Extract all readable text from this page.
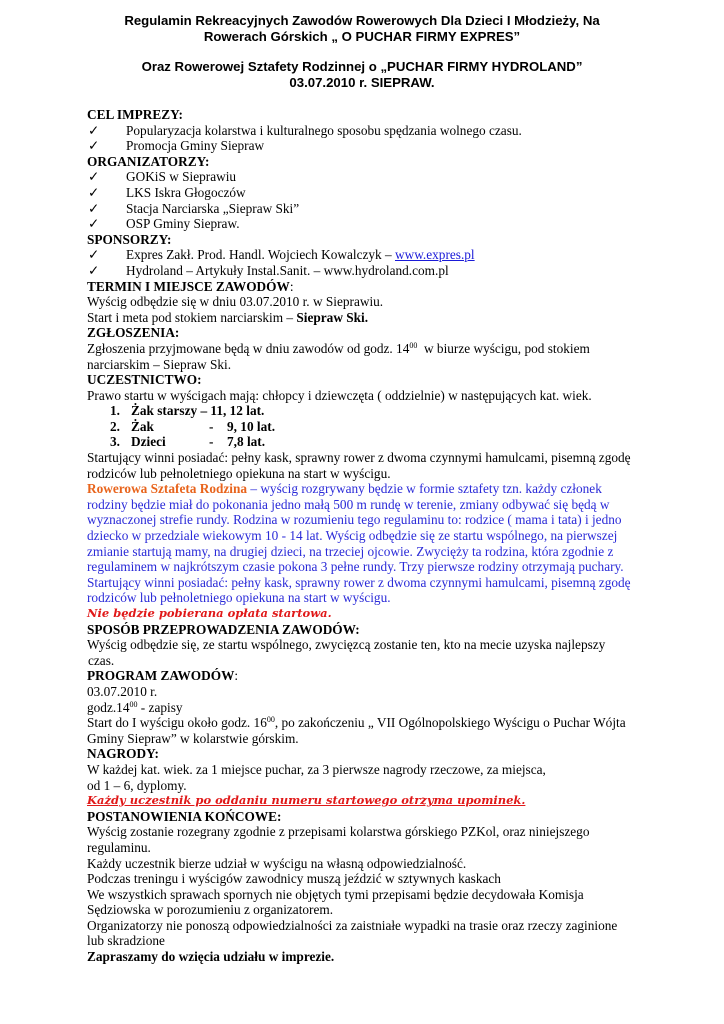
Regulamin Rekreacyjnych Zawodów Rowerowych Dla Dzieci I Młodzieży, Na
Rowerach Górskich „ O PUCHAR FIRMY EXPRES”
Oraz Rowerowej Sztafety Rodzinnej o „PUCHAR FIRMY HYDROLAND”
03.07.2010 r. SIEPRAW.

CEL IMPREZY:

✓	Popularyzacja kolarstwa i kulturalnego sposobu spędzania wolnego czasu.
✓	Promocja Gminy Siepraw

ORGANIZATORZY:

✓	GOKiS w Sieprawiu
✓	LKS Iskra Głogoczów
✓	Stacja Narciarska „Siepraw Ski”
✓	OSP Gminy Siepraw.

SPONSORZY:

✓	Expres Zakł. Prod. Handl. Wojciech Kowalczyk – www.expres.pl
✓	Hydroland – Artykuły Instal.Sanit. – www.hydroland.com.pl

TERMIN I MIEJSCE ZAWODÓW:

Wyścig odbędzie się w dniu 03.07.2010 r. w Sieprawiu.

Start i meta pod stokiem narciarskim – Siepraw Ski.

ZGŁOSZENIA:

Zgłoszenia przyjmowane będą w dniu zawodów od godz. $14^{00}$  w biurze wyścigu, pod stokiem

narciarskim – Siepraw Ski.

UCZESTNICTWO:

Prawo startu w wyścigach mają: chłopcy i dziewczęta ( oddzielnie) w następujących kat. wiek.

1. Żak starszy – 11, 12 lat.
2. Żak	-	9, 10 lat.
3. Dzieci	-	7,8 lat.

Startujący winni posiadać: pełny kask, sprawny rower z dwoma czynnymi hamulcami, pisemną zgodę

rodziców lub pełnoletniego opiekuna na start w wyścigu.

Rowerowa Sztafeta Rodzina – wyścig rozgrywany będzie w formie sztafety tzn. każdy członek

rodziny będzie miał do pokonania jedno małą 500 m rundę w terenie, zmiany odbywać się będą w

wyznaczonej strefie rundy. Rodzina w rozumieniu tego regulaminu to: rodzice ( mama i tata) i jedno

dziecko w przedziale wiekowym 10 - 14 lat. Wyścig odbędzie się ze startu wspólnego, na pierwszej

zmianie startują mamy, na drugiej dzieci, na trzeciej ojcowie. Zwycięży ta rodzina, która zgodnie z

regulaminem w najkrótszym czasie pokona 3 pełne rundy. Trzy pierwsze rodziny otrzymają puchary.

Startujący winni posiadać: pełny kask, sprawny rower z dwoma czynnymi hamulcami, pisemną zgodę

rodziców lub pełnoletniego opiekuna na start w wyścigu.

Nie będzie pobierana opłata startowa.

SPOSÓB PRZEPROWADZENIA ZAWODÓW:

Wyścig odbędzie się, ze startu wspólnego, zwycięzcą zostanie ten, kto na mecie uzyska najlepszy

czas.

PROGRAM ZAWODÓW:

03.07.2010 r.

$godz.14^{00}$ - zapisy

Start do I wyścigu około godz. $16^{00}$, po zakończeniu „ VII Ogólnopolskiego Wyścigu o Puchar Wójta

Gminy Siepraw” w kolarstwie górskim.

NAGRODY:

W każdej kat. wiek. za 1 miejsce puchar, za 3 pierwsze nagrody rzeczowe, za miejsca,

od 1 – 6, dyplomy.

Każdy uczestnik po oddaniu numeru startowego otrzyma upominek.

POSTANOWIENIA KOŃCOWE:

Wyścig zostanie rozegrany zgodnie z przepisami kolarstwa górskiego PZKol, oraz niniejszego

regulaminu.

Każdy uczestnik bierze udział w wyścigu na własną odpowiedzialność.

Podczas treningu i wyścigów zawodnicy muszą jeździć w sztywnych kaskach

We wszystkich sprawach spornych nie objętych tymi przepisami będzie decydowała Komisja

Sędziowska w porozumieniu z organizatorem.

Organizatorzy nie ponoszą odpowiedzialności za zaistniałe wypadki na trasie oraz rzeczy zaginione

lub skradzione

Zapraszamy do wzięcia udziału w imprezie.
